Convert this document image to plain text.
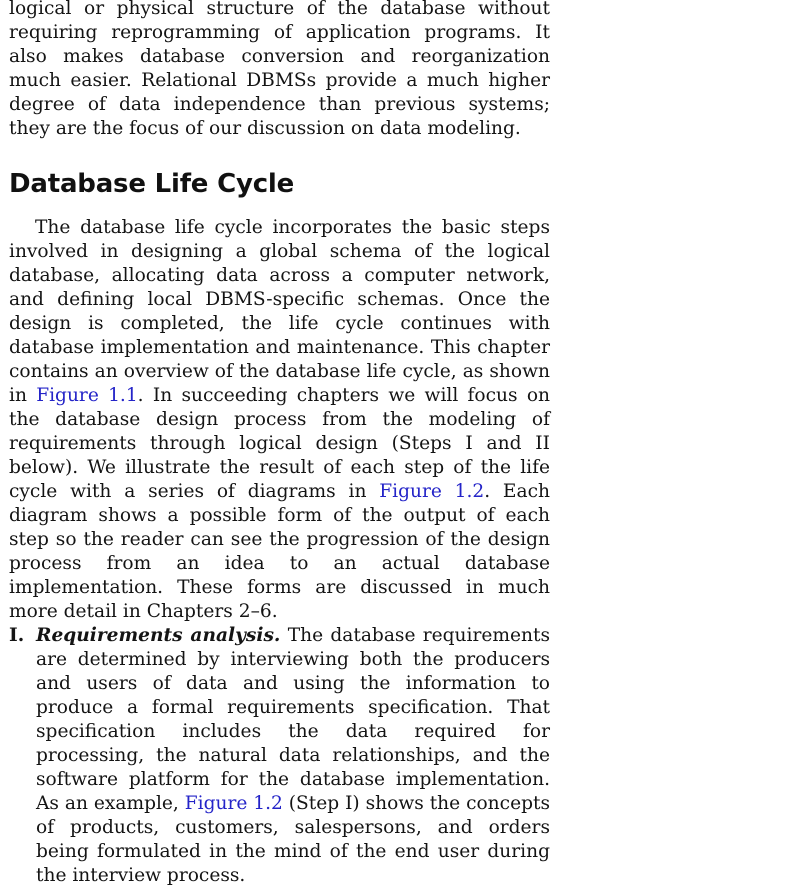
logical or physical structure of the database without requiring reprogramming of application programs. It also makes database conversion and reorganization much easier. Relational DBMSs provide a much higher degree of data independence than previous systems; they are the focus of our discussion on data modeling.

Database Life Cycle

The database life cycle incorporates the basic steps involved in designing a global schema of the logical database, allocating data across a computer network, and defining local DBMS-specific schemas. Once the design is completed, the life cycle continues with database implementation and maintenance. This chapter contains an overview of the database life cycle, as shown in Figure 1.1. In succeeding chapters we will focus on the database design process from the modeling of requirements through logical design (Steps I and II below). We illustrate the result of each step of the life cycle with a series of diagrams in Figure 1.2. Each diagram shows a possible form of the output of each step so the reader can see the progression of the design process from an idea to an actual database implementation. These forms are discussed in much more detail in Chapters 2–6.

I. Requirements analysis. The database requirements are determined by interviewing both the producers and users of data and using the information to produce a formal requirements specification. That specification includes the data required for processing, the natural data relationships, and the software platform for the database implementation. As an example, Figure 1.2 (Step I) shows the concepts of products, customers, salespersons, and orders being formulated in the mind of the end user during the interview process.
